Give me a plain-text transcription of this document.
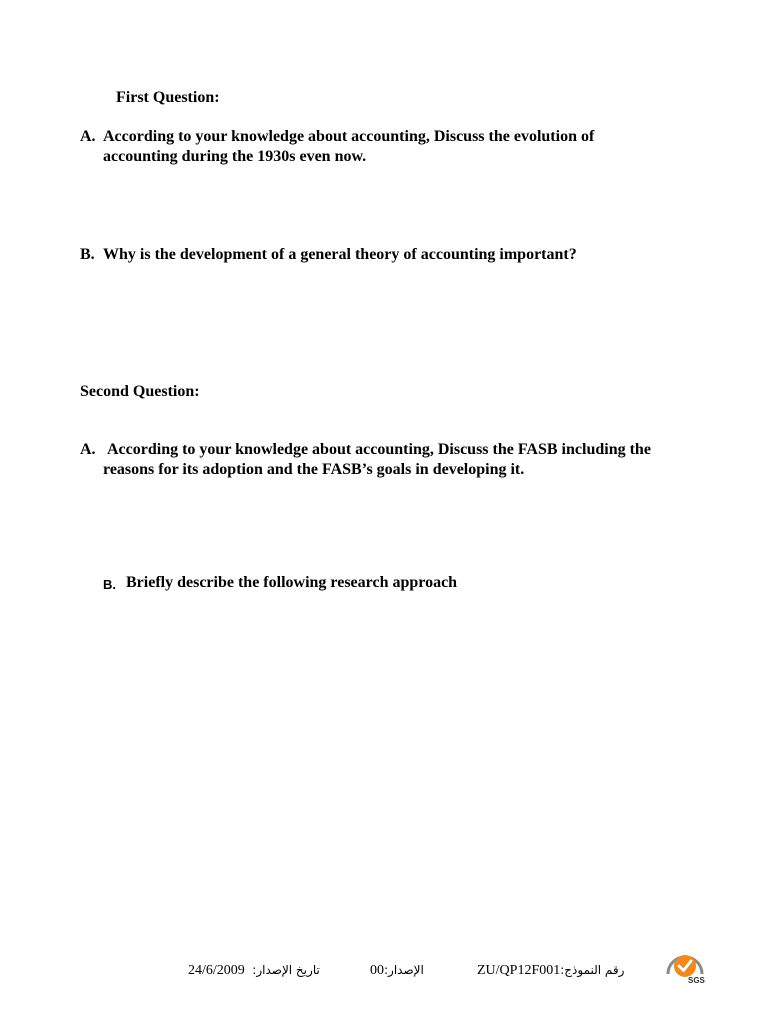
First Question:
A. According to your knowledge about accounting, Discuss the evolution of accounting during the 1930s even now.
B. Why is the development of a general theory of accounting important?
Second Question:
A. According to your knowledge about accounting, Discuss the FASB including the reasons for its adoption and the FASB’s goals in developing it.
B. Briefly describe the following research approach
24/6/2009 تاريخ الإصدار:	00الإصدار:	ZU/QP12F001رقم النموذج:
SGS
